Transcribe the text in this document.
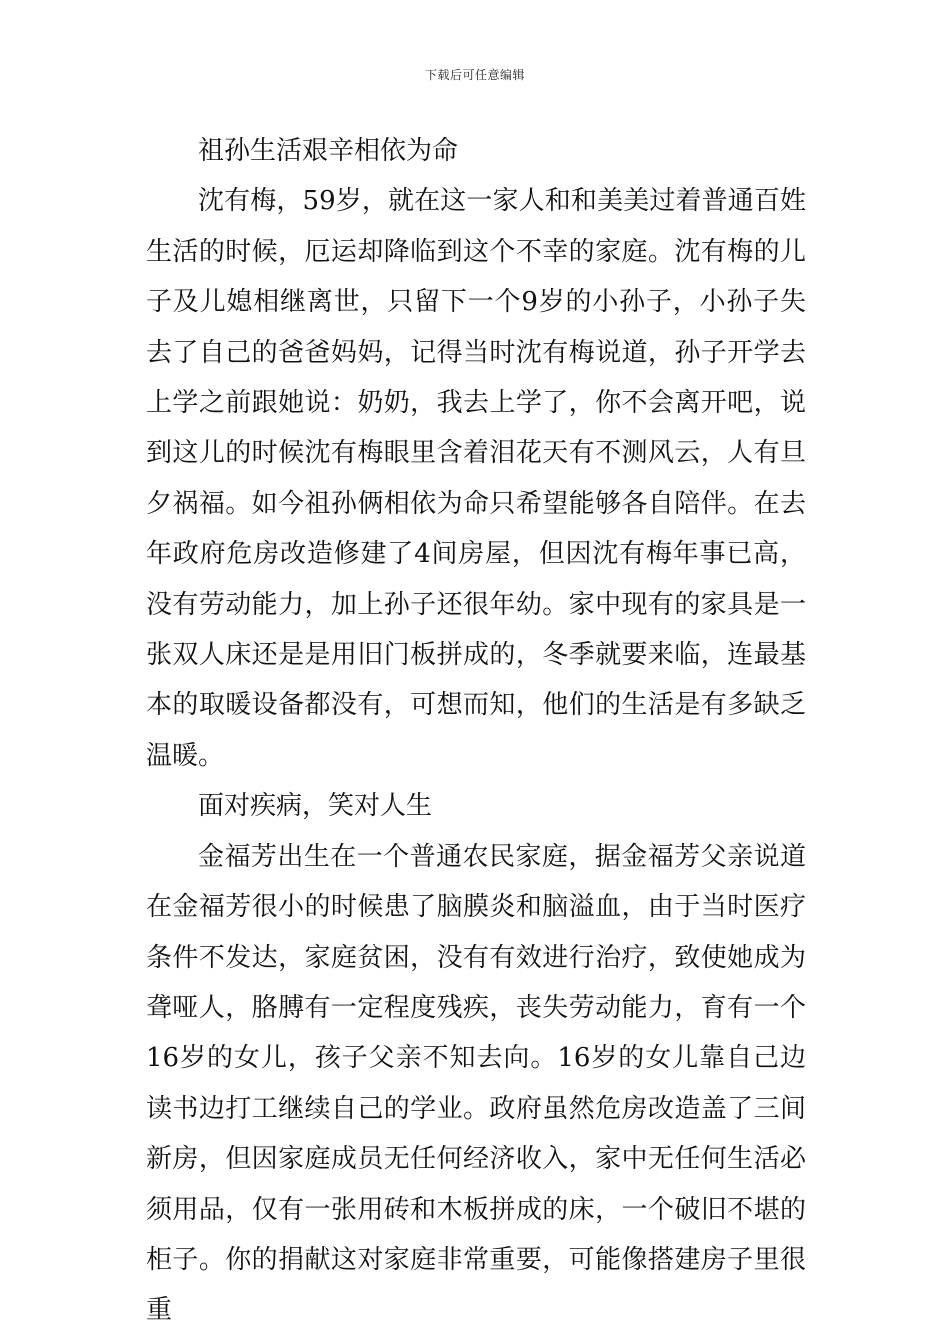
下载后可任意编辑

祖孙生活艰辛相依为命

沈有梅，59岁，就在这一家人和和美美过着普通百姓生活的时候，厄运却降临到这个不幸的家庭。沈有梅的儿子及儿媳相继离世，只留下一个9岁的小孙子，小孙子失去了自己的爸爸妈妈，记得当时沈有梅说道，孙子开学去上学之前跟她说：奶奶，我去上学了，你不会离开吧，说到这儿的时候沈有梅眼里含着泪花天有不测风云，人有旦夕祸福。如今祖孙俩相依为命只希望能够各自陪伴。在去年政府危房改造修建了4间房屋，但因沈有梅年事已高，没有劳动能力，加上孙子还很年幼。家中现有的家具是一张双人床还是是用旧门板拼成的，冬季就要来临，连最基本的取暖设备都没有，可想而知，他们的生活是有多缺乏温暖。

面对疾病，笑对人生

金福芳出生在一个普通农民家庭，据金福芳父亲说道在金福芳很小的时候患了脑膜炎和脑溢血，由于当时医疗条件不发达，家庭贫困，没有有效进行治疗，致使她成为聋哑人，胳膊有一定程度残疾，丧失劳动能力，育有一个16岁的女儿，孩子父亲不知去向。16岁的女儿靠自己边读书边打工继续自己的学业。政府虽然危房改造盖了三间新房，但因家庭成员无任何经济收入，家中无任何生活必须用品，仅有一张用砖和木板拼成的床，一个破旧不堪的柜子。你的捐献这对家庭非常重要，可能像搭建房子里很重
